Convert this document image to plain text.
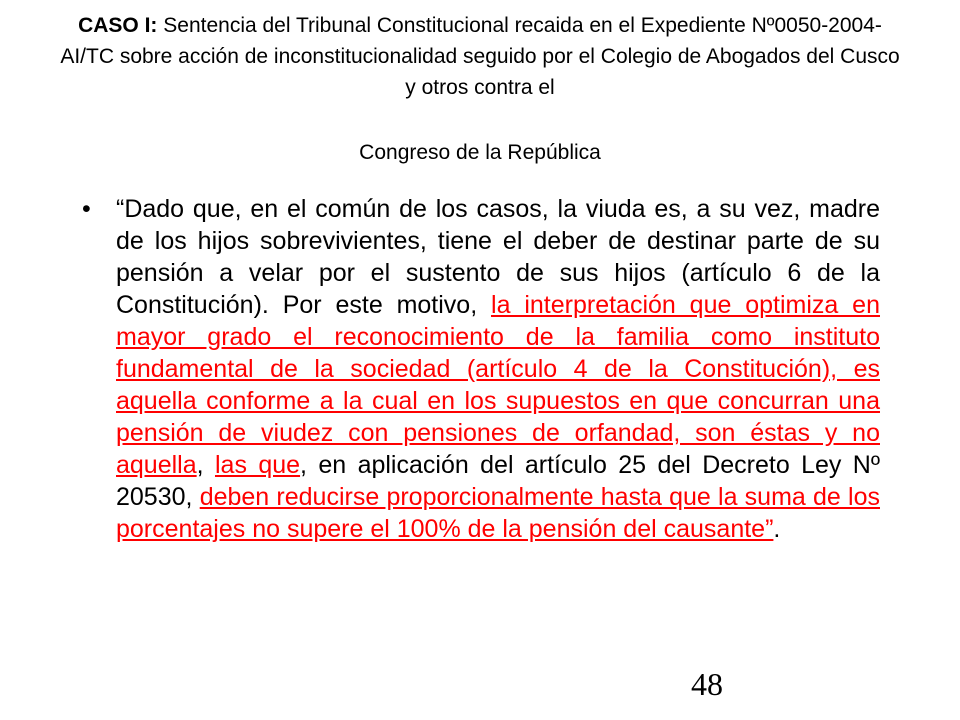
CASO I: Sentencia del Tribunal Constitucional recaida en el Expediente Nº0050-2004-AI/TC sobre acción de inconstitucionalidad seguido por el Colegio de Abogados del Cusco y otros contra el

Congreso de la República

• “Dado que, en el común de los casos, la viuda es, a su vez, madre de los hijos sobrevivientes, tiene el deber de destinar parte de su pensión a velar por el sustento de sus hijos (artículo 6 de la Constitución). Por este motivo, la interpretación que optimiza en mayor grado el reconocimiento de la familia como instituto fundamental de la sociedad (artículo 4 de la Constitución), es aquella conforme a la cual en los supuestos en que concurran una pensión de viudez con pensiones de orfandad, son éstas y no aquella, las que, en aplicación del artículo 25 del Decreto Ley Nº 20530, deben reducirse proporcionalmente hasta que la suma de los porcentajes no supere el 100% de la pensión del causante”.
48
